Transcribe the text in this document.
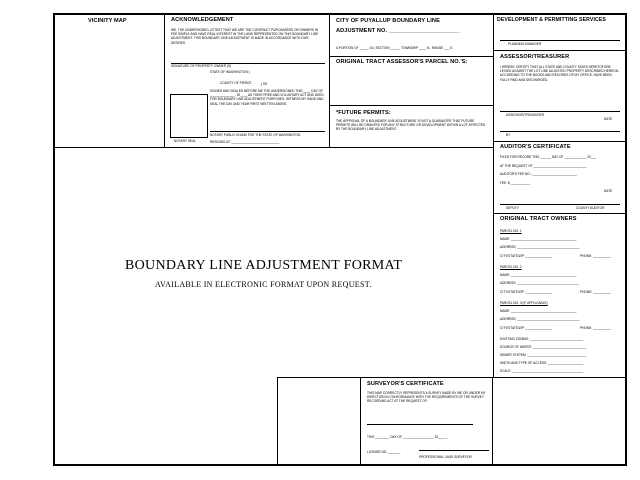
VICINITY MAP	ACKNOWLEDGEMENT
WE, THE UNDERSIGNED, ATTEST THAT WE ARE THE CONTRACT PURCHASERS OR OWNERS IN FEE SIMPLE AND HAVE REAL INTEREST IN THE LAND REPRESENTED ON THIS BOUNDARY LINE ADJUSTMENT. THIS BOUNDARY LINE ADJUSTMENT IS MADE IN ACCORDANCE WITH OUR DESIRES.
SIGNATURE OF PROPERTY OWNER (S)
STATE OF WASHINGTON )
COUNTY OF PIERCE	) SS
SIGNED AND SEALED BEFORE ME THE UNDERSIGNED THIS ____ DAY OF ______________, 20____ AS THEIR FREE AND VOLUNTARY ACT AND DEED FOR BOUNDARY LINE ADJUSTMENT PURPOSES. WITNESS MY HAND AND SEAL THE DAY AND YEAR FIRST WRITTEN ABOVE.
NOTARY SEAL
NOTARY PUBLIC IN AND FOR THE STATE OF WASHINGTON
RESIDING AT: ___________________________
CITY OF PUYALLUP BOUNDARY LINE
ADJUSTMENT NO. ______________________
A PORTION OF _____ 1/4, SECTION _____, TOWNSHIP ____ N., RANGE ___ E.
ORIGINAL TRACT ASSESSOR'S PARCEL NO.'S:
*FUTURE PERMITS:
THE APPROVAL OF A BOUNDARY LINE ADJUSTMENT IS NOT A GUARANTEE THAT FUTURE PERMITS WILL BE GRANTED FOR ANY STRUCTURE OR DEVELOPMENT WITHIN A LOT AFFECTED BY THE BOUNDARY LINE ADJUSTMENT.
DEVELOPMENT & PERMITTING SERVICES
PLANNING MANAGER
ASSESSOR/TREASURER
I HEREBY CERTIFY THAT ALL STATE AND COUNTY TAXES HERETOFORE LEVIED AGAINST THE LOT LINE ADJUSTED PROPERTY DESCRIBED HEREON, ACCORDING TO THE BOOKS AND RECORDS OF MY OFFICE, HAVE BEEN FULLY PAID AND DISCHARGED.
ASSESSOR/TREASURER
DATE
BY
AUDITOR'S CERTIFICATE
FILED FOR RECORD THIS ______ DAY OF ____________, 20___
AT THE REQUEST OF ______________________________
AUDITOR'S FEE NO.: _________________________
FEE: $ ___________
DATE
DEPUTY	COUNTY AUDITOR
ORIGINAL TRACT OWNERS
PARCEL NO. 1
NAME: _____________________________________
ADDRESS: ___________________________________
CITY/STATE/ZIP: _______________	PHONE: __________
PARCEL NO. 2
NAME: _____________________________________
ADDRESS: ___________________________________
CITY/STATE/ZIP: _______________	PHONE: __________
PARCEL NO. 3 (IF APPLICABLE)
NAME: _____________________________________
ADDRESS: ___________________________________
CITY/STATE/ZIP: _______________	PHONE: __________
EXISTING ZONING: ______________________________
SOURCE OF WATER: ______________________________
SEWER SYSTEM: _________________________________
WIDTH AND TYPE OF ACCESS: ____________________
SCALE: ________________________________________
BOUNDARY LINE ADJUSTMENT FORMAT
AVAILABLE IN ELECTRONIC FORMAT UPON REQUEST.
SURVEYOR'S CERTIFICATE
THIS MAP CORRECTLY REPRESENTS A SURVEY MADE BY ME OR UNDER MY DIRECTION IN CONFORMANCE WITH THE REQUIREMENTS OF THE SURVEY RECORDING ACT AT THE REQUEST OF:
THIS ________ DAY OF _________________, 20_____.
LICENSE NO. _______
PROFESSIONAL LAND SURVEYOR
